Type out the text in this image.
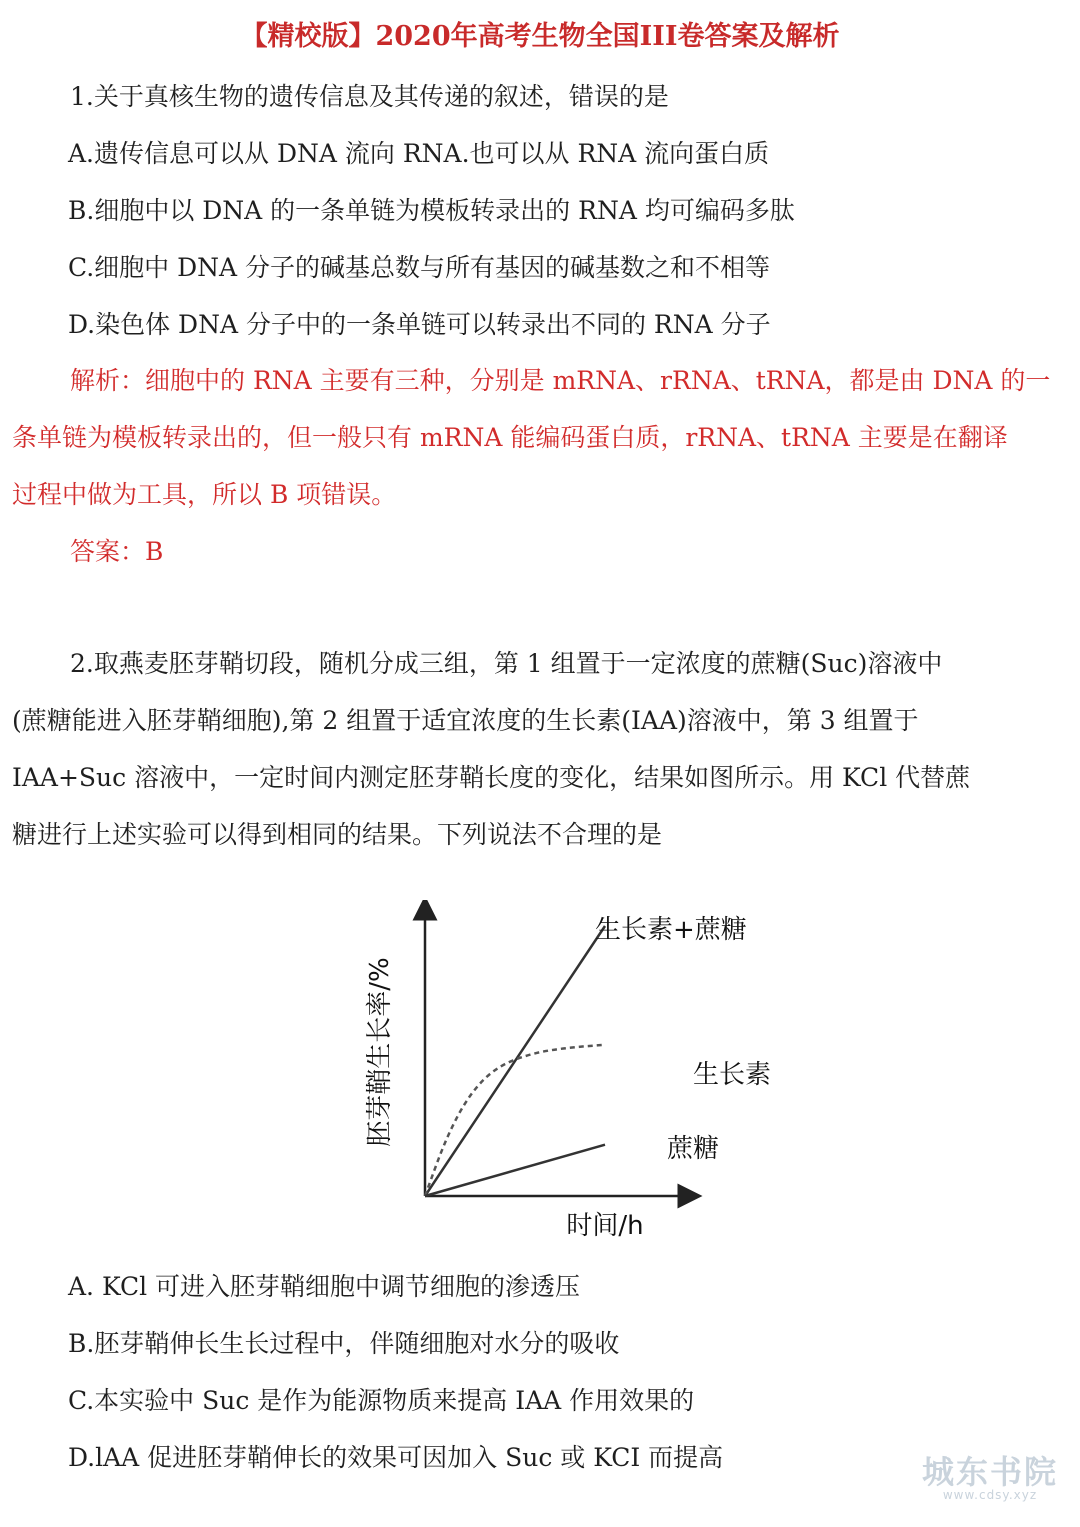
【精校版】2020年高考生物全国III卷答案及解析
1.关于真核生物的遗传信息及其传递的叙述，错误的是
A.遗传信息可以从 DNA 流向 RNA.也可以从 RNA 流向蛋白质
B.细胞中以 DNA 的一条单链为模板转录出的 RNA 均可编码多肽
C.细胞中 DNA 分子的碱基总数与所有基因的碱基数之和不相等
D.染色体 DNA 分子中的一条单链可以转录出不同的 RNA 分子
解析：细胞中的 RNA 主要有三种，分别是 mRNA、rRNA、tRNA，都是由 DNA 的一
条单链为模板转录出的，但一般只有 mRNA 能编码蛋白质，rRNA、tRNA 主要是在翻译
过程中做为工具，所以 B 项错误。
答案：B
2.取燕麦胚芽鞘切段，随机分成三组，第 1 组置于一定浓度的蔗糖(Suc)溶液中
(蔗糖能进入胚芽鞘细胞),第 2 组置于适宜浓度的生长素(IAA)溶液中，第 3 组置于
IAA+Suc 溶液中，一定时间内测定胚芽鞘长度的变化，结果如图所示。用 KCl 代替蔗
糖进行上述实验可以得到相同的结果。下列说法不合理的是
胚芽鞘生长率/%
时间/h
生长素+蔗糖
生长素
蔗糖
A. KCl 可进入胚芽鞘细胞中调节细胞的渗透压
B.胚芽鞘伸长生长过程中，伴随细胞对水分的吸收
C.本实验中 Suc 是作为能源物质来提高 IAA 作用效果的
D.lAA 促进胚芽鞘伸长的效果可因加入 Suc 或 KCI 而提高	城东书院
www.cdsy.xyz
